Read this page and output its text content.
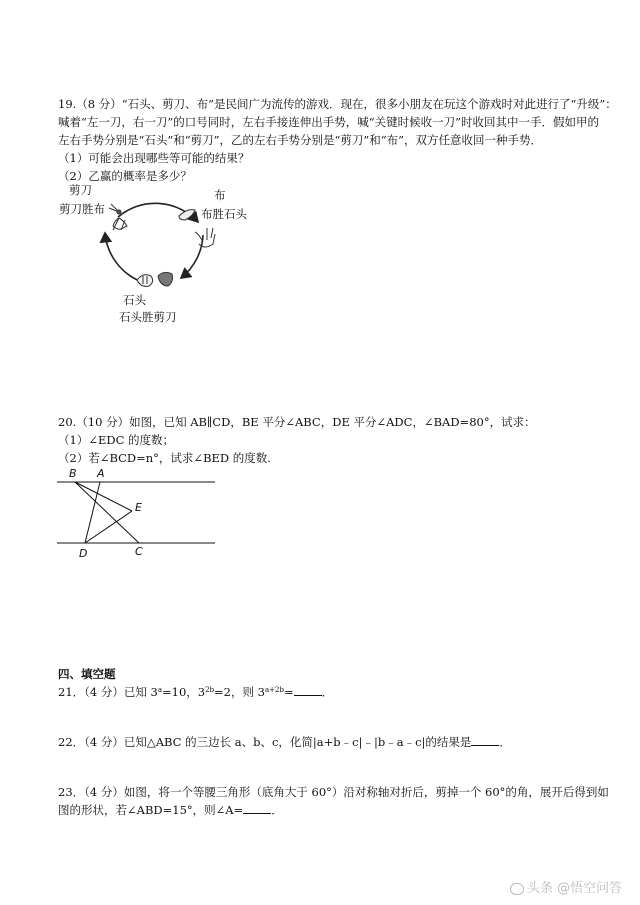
19.（8 分）“石头、剪刀、布”是民间广为流传的游戏．现在，很多小朋友在玩这个游戏时对此进行了“升级”：
喊着“左一刀，右一刀”的口号同时，左右手接连伸出手势，喊“关键时候收一刀”时收回其中一手．假如甲的
左右手势分别是“石头”和“剪刀”，乙的左右手势分别是“剪刀”和“布”，双方任意收回一种手势．
（1）可能会出现哪些等可能的结果？
（2）乙赢的概率是多少？
剪刀
剪刀胜布
布
布胜石头
石头
石头胜剪刀
20.（10 分）如图，已知 AB∥CD，BE 平分∠ABC，DE 平分∠ADC，∠BAD=80°，试求：
（1）∠EDC 的度数；
（2）若∠BCD=n°，试求∠BED 的度数.
B A
E
D	C
四、填空题
21．（4 分）已知 $3^a=10$，$3^{2b}=2$，则 $3^{a+2b}=$ ．
22．（4 分）已知△ABC 的三边长 a、b、c，化简|a+b﹣c|﹣|b﹣a﹣c|的结果是 ．
23．（4 分）如图，将一个等腰三角形（底角大于 60°）沿对称轴对折后，剪掉一个 60°的角，展开后得到如
图的形状，若∠ABD=15°，则∠A= ．
头条 @悟空问答
